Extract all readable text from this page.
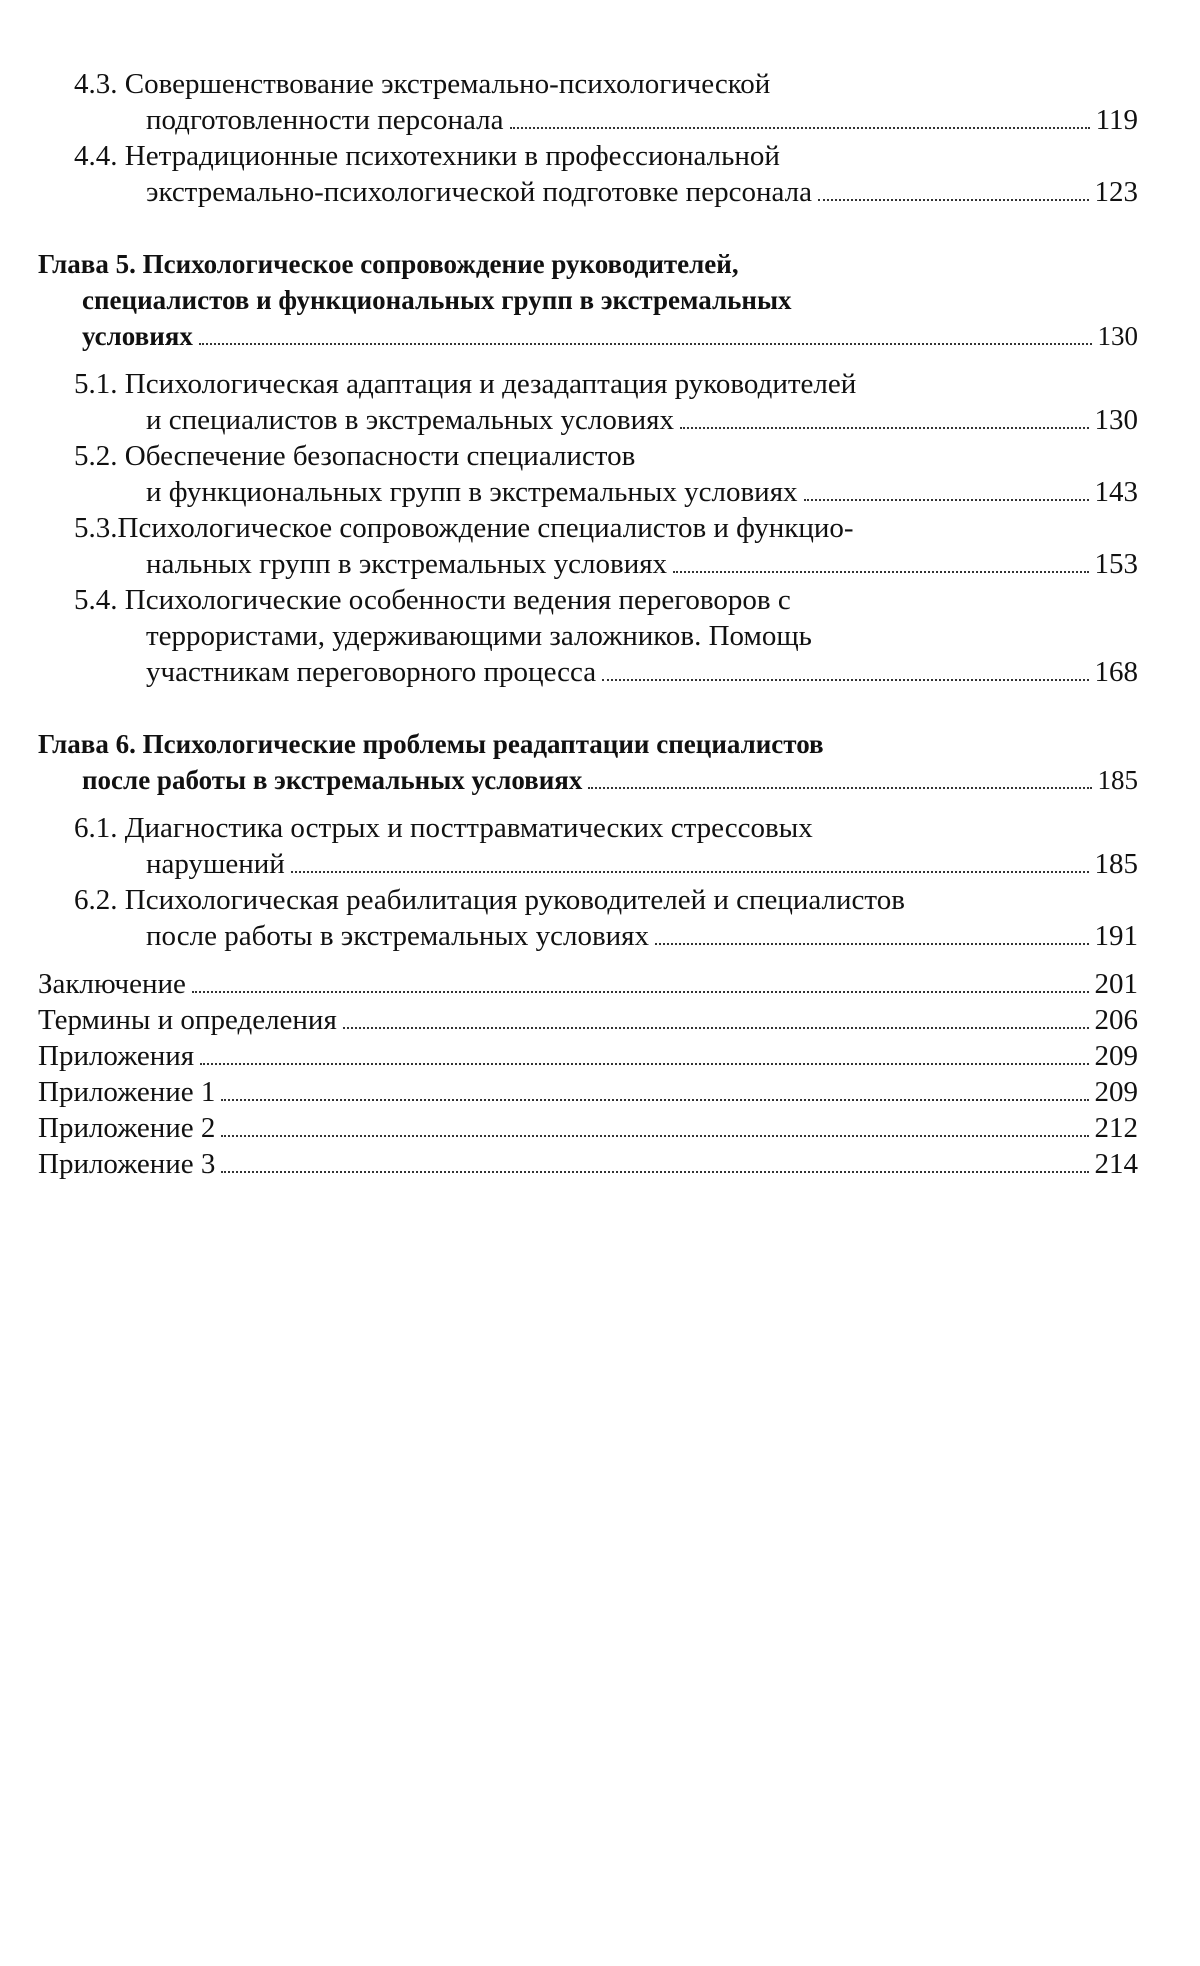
4.3. Совершенствование экстремально-психологической
подготовленности персонала	119
4.4. Нетрадиционные психотехники в профессиональной
экстремально-психологической подготовке персонала	123
Глава 5. Психологическое сопровождение руководителей,
специалистов и функциональных групп в экстремальных
условиях	130
5.1. Психологическая адаптация и дезадаптация руководителей
и специалистов в экстремальных условиях	130
5.2. Обеспечение безопасности специалистов
и функциональных групп в экстремальных условиях	143
5.3.Психологическое сопровождение специалистов и функцио-
нальных групп в экстремальных условиях	153
5.4. Психологические особенности ведения переговоров с
террористами, удерживающими заложников. Помощь
участникам переговорного процесса	168
Глава 6. Психологические проблемы реадаптации специалистов
после работы в экстремальных условиях	185
6.1. Диагностика острых и посттравматических стрессовых
нарушений	185
6.2. Психологическая реабилитация руководителей и специалистов
после работы в экстремальных условиях	191
Заключение	201
Термины и определения	206
Приложения	209
Приложение 1	209
Приложение 2	212
Приложение 3	214
